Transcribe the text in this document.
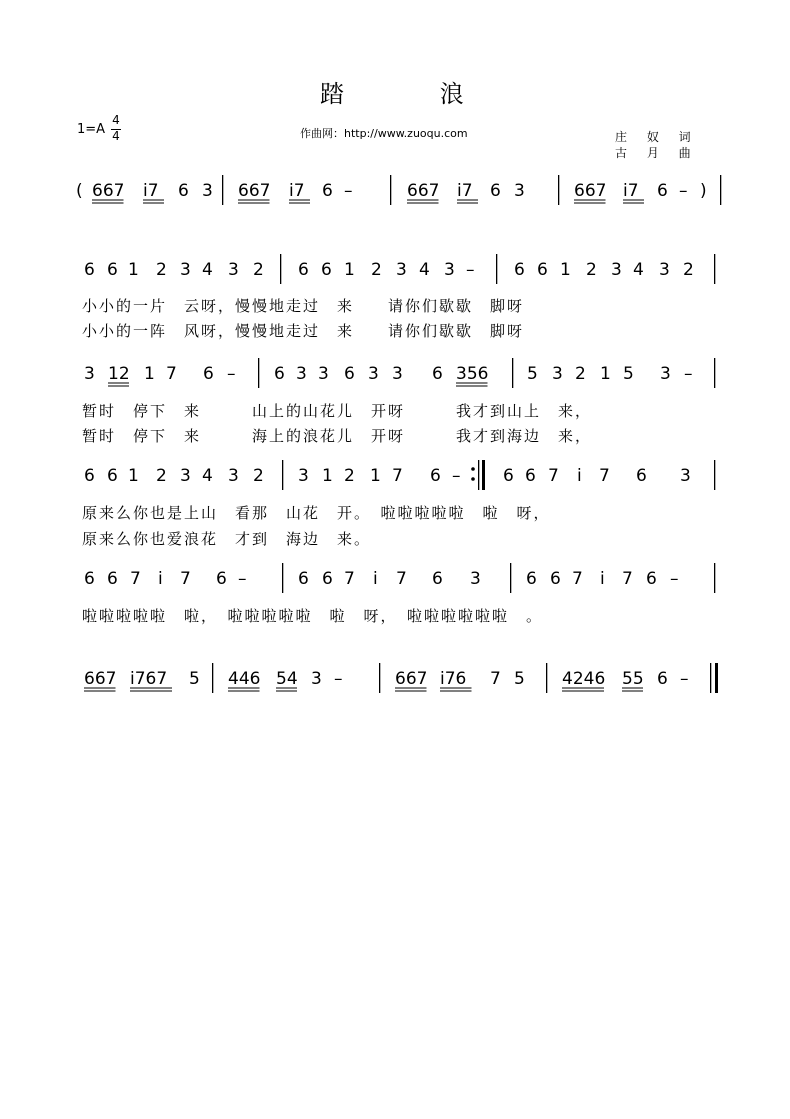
踏 浪
1=A
4
4	作曲网：http://www.zuoqu.com	庄 奴 词
古 月 曲
( 667 i7 6 3 667 i7 6 –	667 i7 6 3	667 i7 6 – )
6 6 1 2 3 4 3 2 6 6 1 2 3 4 3 – 6 6 1 2 3 4 3 2
3 12 1 7 6 – 6 3 3 6 3 3 6 356 5 3 2 1 5 3 –
6 6 1 2 3 4 3 2 3 1 2 1 7 6 –	6 6 7 i 7 6 3
6 6 7 i 7 6 –	6 6 7 i 7 6 3	6 6 7 i 7 6 –
667 i767 5 446 54 3 –	667 i76 7 5 4246 55 6 –
小小的一片　云呀，慢慢地走过　来　　请你们歇歇　脚呀
小小的一阵　风呀，慢慢地走过　来　　请你们歇歇　脚呀
暂时　停下　来　　　山上的山花儿　开呀　　　我才到山上　来，
暂时　停下　来　　　海上的浪花儿　开呀　　　我才到海边　来，
原来么你也是上山　看那　山花　开。　啦啦啦啦啦　啦　呀，
原来么你也爱浪花　才到　海边　来。
啦啦啦啦啦　啦，　啦啦啦啦啦　啦　呀，　啦啦啦啦啦啦　。
